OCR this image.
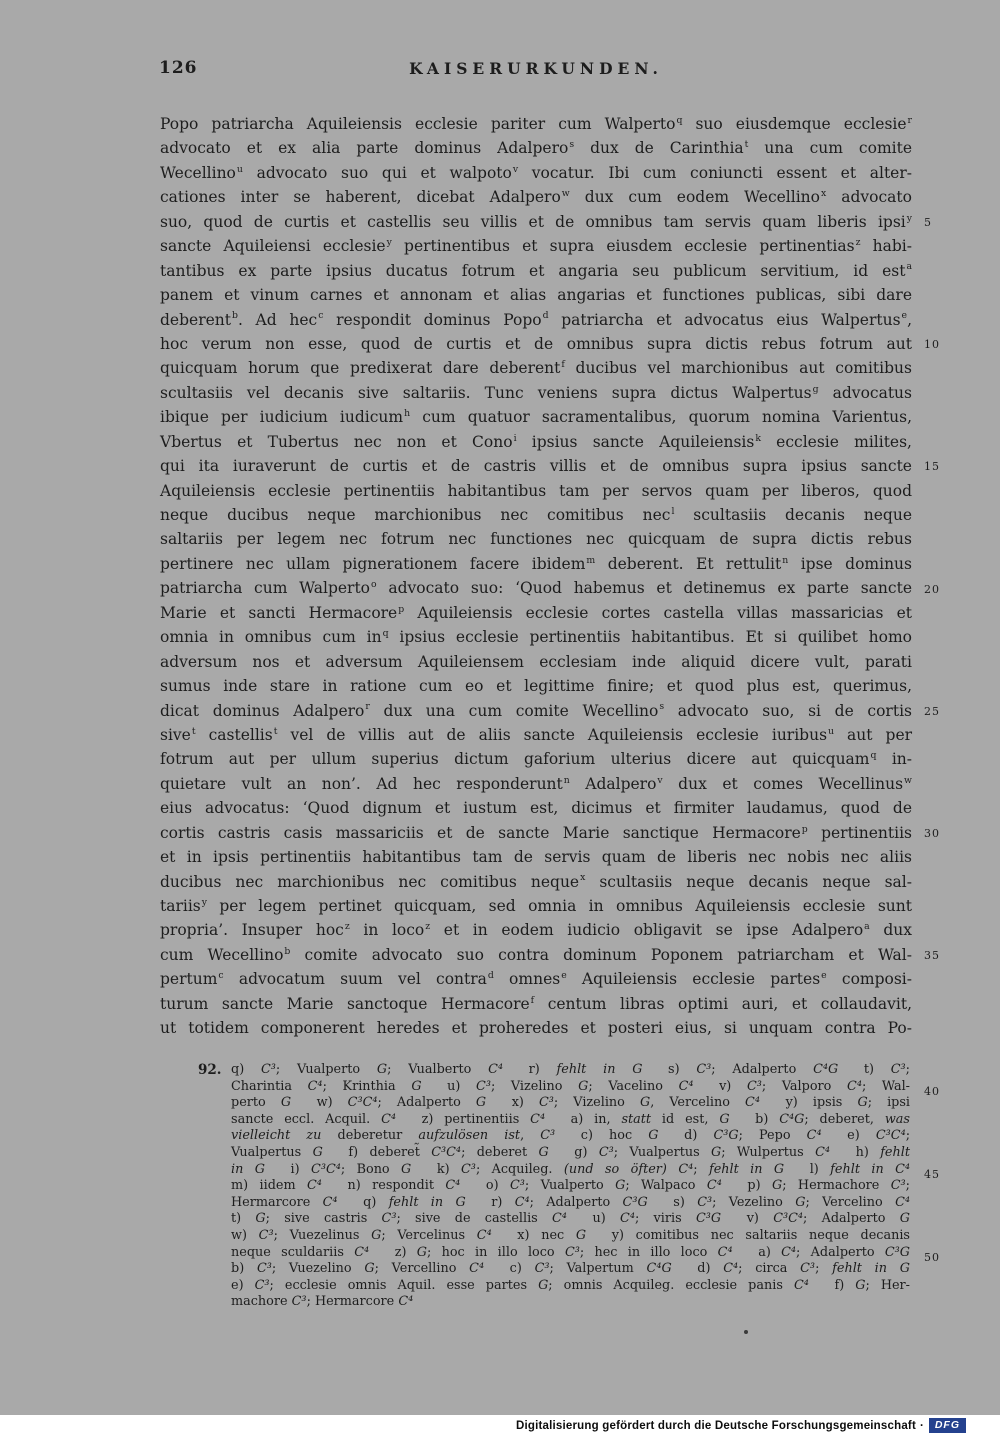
126	KAISERURKUNDEN.
Popo patriarcha Aquileiensis ecclesie pariter cum Walperto$^q$ suo eiusdemque ecclesie$^r$
advocato et ex alia parte dominus Adalpero$^s$ dux de Carinthia$^t$ una cum comite
Wecellino$^u$ advocato suo qui et walpoto$^v$ vocatur. Ibi cum coniuncti essent et alter-
cationes inter se haberent, dicebat Adalpero$^w$ dux cum eodem Wecellino$^x$ advocato
suo, quod de curtis et castellis seu villis et de omnibus tam servis quam liberis ipsi$^y$
sancte Aquileiensi ecclesie$^y$ pertinentibus et supra eiusdem ecclesie pertinentias$^z$ habi-
tantibus ex parte ipsius ducatus fotrum et angaria seu publicum servitium, id est$^a$
panem et vinum carnes et annonam et alias angarias et functiones publicas, sibi dare
deberent$^b$. Ad hec$^c$ respondit dominus Popo$^d$ patriarcha et advocatus eius Walpertus$^e$,
hoc verum non esse, quod de curtis et de omnibus supra dictis rebus fotrum aut
quicquam horum que predixerat dare deberent$^f$ ducibus vel marchionibus aut comitibus
scultasiis vel decanis sive saltariis. Tunc veniens supra dictus Walpertus$^g$ advocatus
ibique per iudicium iudicum$^h$ cum quatuor sacramentalibus, quorum nomina Varientus,
Vbertus et Tubertus nec non et Cono$^i$ ipsius sancte Aquileiensis$^k$ ecclesie milites,
qui ita iuraverunt de curtis et de castris villis et de omnibus supra ipsius sancte
Aquileiensis ecclesie pertinentiis habitantibus tam per servos quam per liberos, quod
neque ducibus neque marchionibus nec comitibus nec$^l$ scultasiis decanis neque
saltariis per legem nec fotrum nec functiones nec quicquam de supra dictis rebus
pertinere nec ullam pignerationem facere ibidem$^m$ deberent. Et rettulit$^n$ ipse dominus
patriarcha cum Walperto$^o$ advocato suo: ‘Quod habemus et detinemus ex parte sancte
Marie et sancti Hermacore$^p$ Aquileiensis ecclesie cortes castella villas massaricias et
omnia in omnibus cum $in^q$ ipsius ecclesie pertinentiis habitantibus. Et si quilibet homo
adversum nos et adversum Aquileiensem ecclesiam inde aliquid dicere vult, parati
sumus inde stare in ratione cum eo et legittime finire; et quod plus est, querimus,
dicat dominus Adalpero$^r$ dux una cum comite Wecellino$^s$ advocato suo, si de cortis
sive$^t$ castellis$^t$ vel de villis aut de aliis sancte Aquileiensis ecclesie iuribus$^u$ aut per
fotrum aut per ullum superius dictum gaforium ulterius dicere aut quicquam$^q$ in-
quietare vult an non’. Ad hec responderunt$^n$ Adalpero$^v$ dux et comes Wecellinus$^w$
eius advocatus: ‘Quod dignum et iustum est, dicimus et firmiter laudamus, quod de
cortis castris casis massariciis et de sancte Marie sanctique Hermacore$^p$ pertinentiis
et in ipsis pertinentiis habitantibus tam de servis quam de liberis nec nobis nec aliis
ducibus nec marchionibus nec comitibus neque$^x$ scultasiis neque decanis neque sal-
tariis$^y$ per legem pertinet quicquam, sed omnia in omnibus Aquileiensis ecclesie sunt
propria’. Insuper hoc$^z$ in loco$^z$ et in eodem iudicio obligavit se ipse Adalpero$^a$ dux
cum Wecellino$^b$ comite advocato suo contra dominum Poponem patriarcham et Wal-
pertum$^c$ advocatum suum vel contra$^d$ omnes$^e$ Aquileiensis ecclesie partes$^e$ composi-
turum sancte Marie sanctoque Hermacore$^f$ centum libras optimi auri, et collaudavit,
ut totidem componerent heredes et proheredes et posteri eius, si unquam contra Po-
92. q) C³; Vualperto G; Vualberto C⁴  r) fehlt in G  s) C³; Adalperto C⁴G  t) C³;
Charintia C⁴; Krinthia G  u) C³; Vizelino G; Vacelino C⁴  v) C³; Valporo C⁴; Wal-
perto G  w) C³C⁴; Adalperto G  x) C³; Vizelino G, Vercelino C⁴  y) ipsis G; ipsi
sancte eccl. Acquil. C⁴  z) pertinentiis C⁴  a) in, statt id est, G  b) C⁴G; deberet, was
vielleicht zu deberetur aufzulösen ist, C³  c) hoc G  d) C³G; Pepo C⁴  e) C³C⁴;
Vualpertus G  f) deberet̃ C³C⁴; deberet G  g) C³; Vualpertus G; Wulpertus C⁴  h) fehlt
in G  i) C³C⁴; Bono G  k) C³; Acquileg. (und so öfter) C⁴; fehlt in G  l) fehlt in C⁴
m) iidem C⁴  n) respondit C⁴  o) C³; Vualperto G; Walpaco C⁴  p) G; Hermachore C³;
Hermarcore C⁴  q) fehlt in G  r) C⁴; Adalperto C³G  s) C³; Vezelino G; Vercelino C⁴
t) G; sive castris C³; sive de castellis C⁴  u) C⁴; viris C³G  v) C³C⁴; Adalperto G
w) C³; Vuezelinus G; Vercelinus C⁴  x) nec G  y) comitibus nec saltariis neque decanis
neque sculdariis C⁴  z) G; hoc in illo loco C³; hec in illo loco C⁴  a) C⁴; Adalperto C³G
b) C³; Vuezelino G; Vercellino C⁴  c) C³; Valpertum C⁴G  d) C⁴; circa C³; fehlt in G
e) C³; ecclesie omnis Aquil. esse partes G; omnis Acquileg. ecclesie panis C⁴  f) G; Her-
machore C³; Hermarcore C⁴
5
10
15
20
25
30
35
40
45
50
Digitalisierung gefördert durch die Deutsche Forschungsgemeinschaft ·	DFG
